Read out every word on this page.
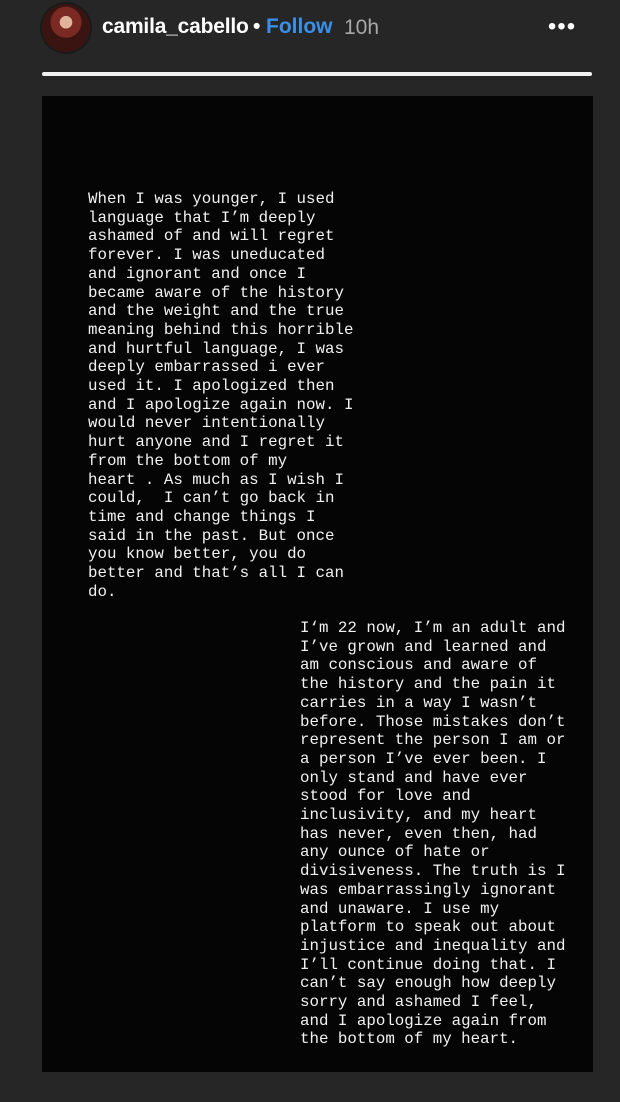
camila_cabello • Follow 10h	•••
When I was younger, I used
language that I’m deeply
ashamed of and will regret
forever. I was uneducated
and ignorant and once I
became aware of the history
and the weight and the true
meaning behind this horrible
and hurtful language, I was
deeply embarrassed i ever
used it. I apologized then
and I apologize again now. I
would never intentionally
hurt anyone and I regret it
from the bottom of my
heart . As much as I wish I
could,  I can’t go back in
time and change things I
said in the past. But once
you know better, you do
better and that’s all I can
do.
I‘m 22 now, I’m an adult and
I’ve grown and learned and
am conscious and aware of
the history and the pain it
carries in a way I wasn’t
before. Those mistakes don’t
represent the person I am or
a person I’ve ever been. I
only stand and have ever
stood for love and
inclusivity, and my heart
has never, even then, had
any ounce of hate or
divisiveness. The truth is I
was embarrassingly ignorant
and unaware. I use my
platform to speak out about
injustice and inequality and
I’ll continue doing that. I
can’t say enough how deeply
sorry and ashamed I feel,
and I apologize again from
the bottom of my heart.
